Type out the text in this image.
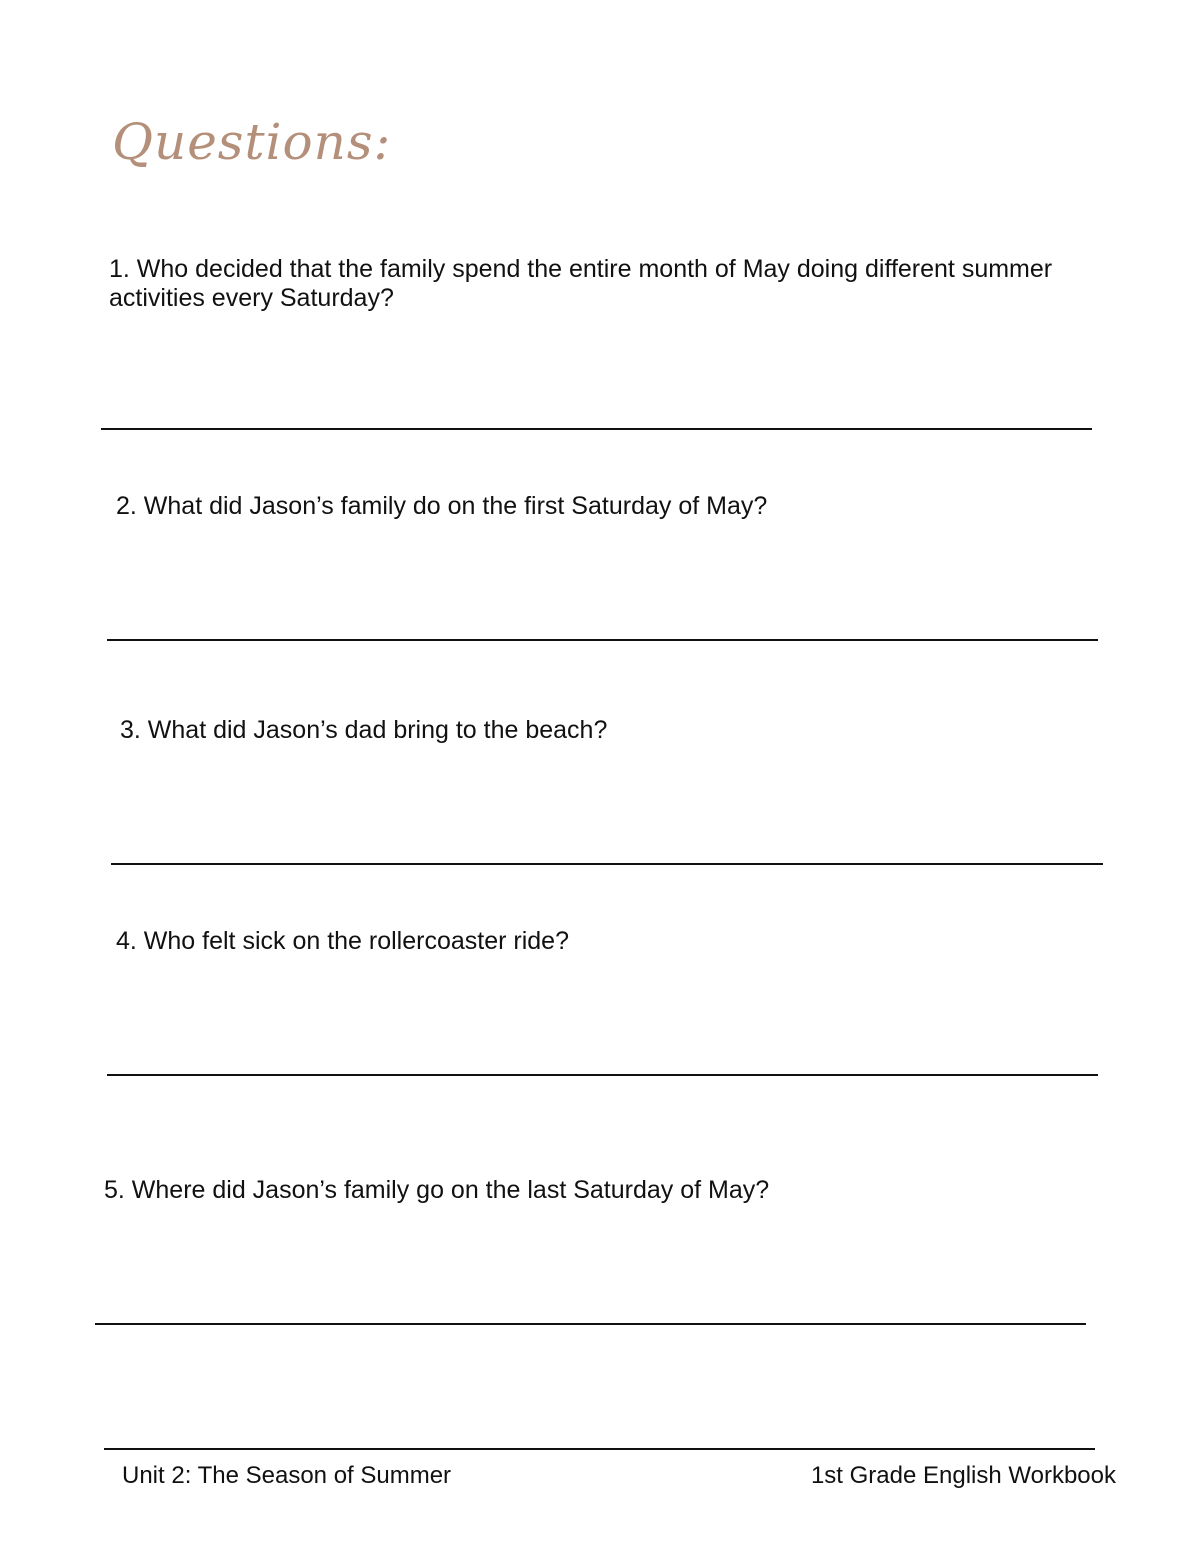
Questions:
1. Who decided that the family spend the entire month of May doing different summer activities every Saturday?
2. What did Jason’s family do on the first Saturday of May?
3. What did Jason’s dad bring to the beach?
4. Who felt sick on the rollercoaster ride?
5. Where did Jason’s family go on the last Saturday of May?
Unit 2: The Season of Summer	1st Grade English Workbook
